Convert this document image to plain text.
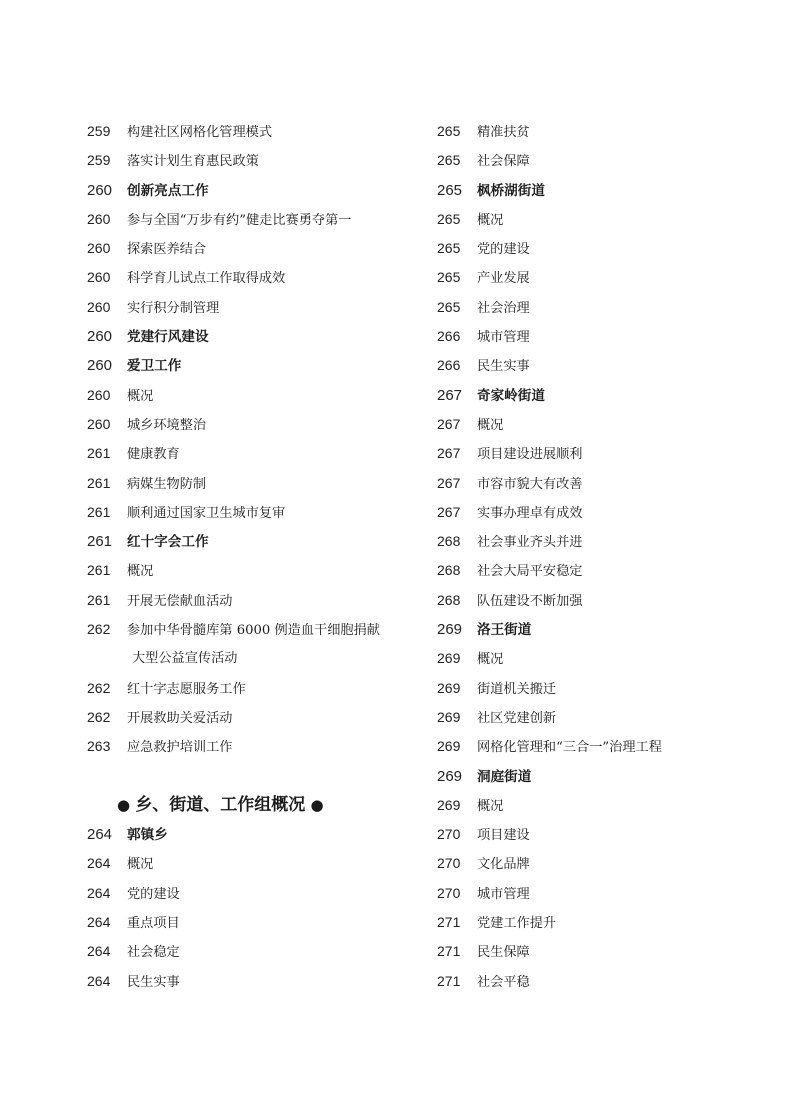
259 构建社区网格化管理模式
259 落实计划生育惠民政策
260 创新亮点工作
260 参与全国“万步有约”健走比赛勇夺第一
260 探索医养结合
260 科学育儿试点工作取得成效
260 实行积分制管理
260 党建行风建设
260 爱卫工作
260 概况
260 城乡环境整治
261 健康教育
261 病媒生物防制
261 顺利通过国家卫生城市复审
261 红十字会工作
261 概况
261 开展无偿献血活动
262 参加中华骨髓库第 6000 例造血干细胞捐献
大型公益宣传活动
262 红十字志愿服务工作
262 开展救助关爱活动
263 应急救护培训工作
● 乡、街道、工作组概况 ●
264 郭镇乡
264 概况
264 党的建设
264 重点项目
264 社会稳定
264 民生实事
265 精准扶贫
265 社会保障
265 枫桥湖街道
265 概况
265 党的建设
265 产业发展
265 社会治理
266 城市管理
266 民生实事
267 奇家岭街道
267 概况
267 项目建设进展顺利
267 市容市貌大有改善
267 实事办理卓有成效
268 社会事业齐头并进
268 社会大局平安稳定
268 队伍建设不断加强
269 洛王街道
269 概况
269 街道机关搬迁
269 社区党建创新
269 网格化管理和“三合一”治理工程
269 洞庭街道
269 概况
270 项目建设
270 文化品牌
270 城市管理
271 党建工作提升
271 民生保障
271 社会平稳
